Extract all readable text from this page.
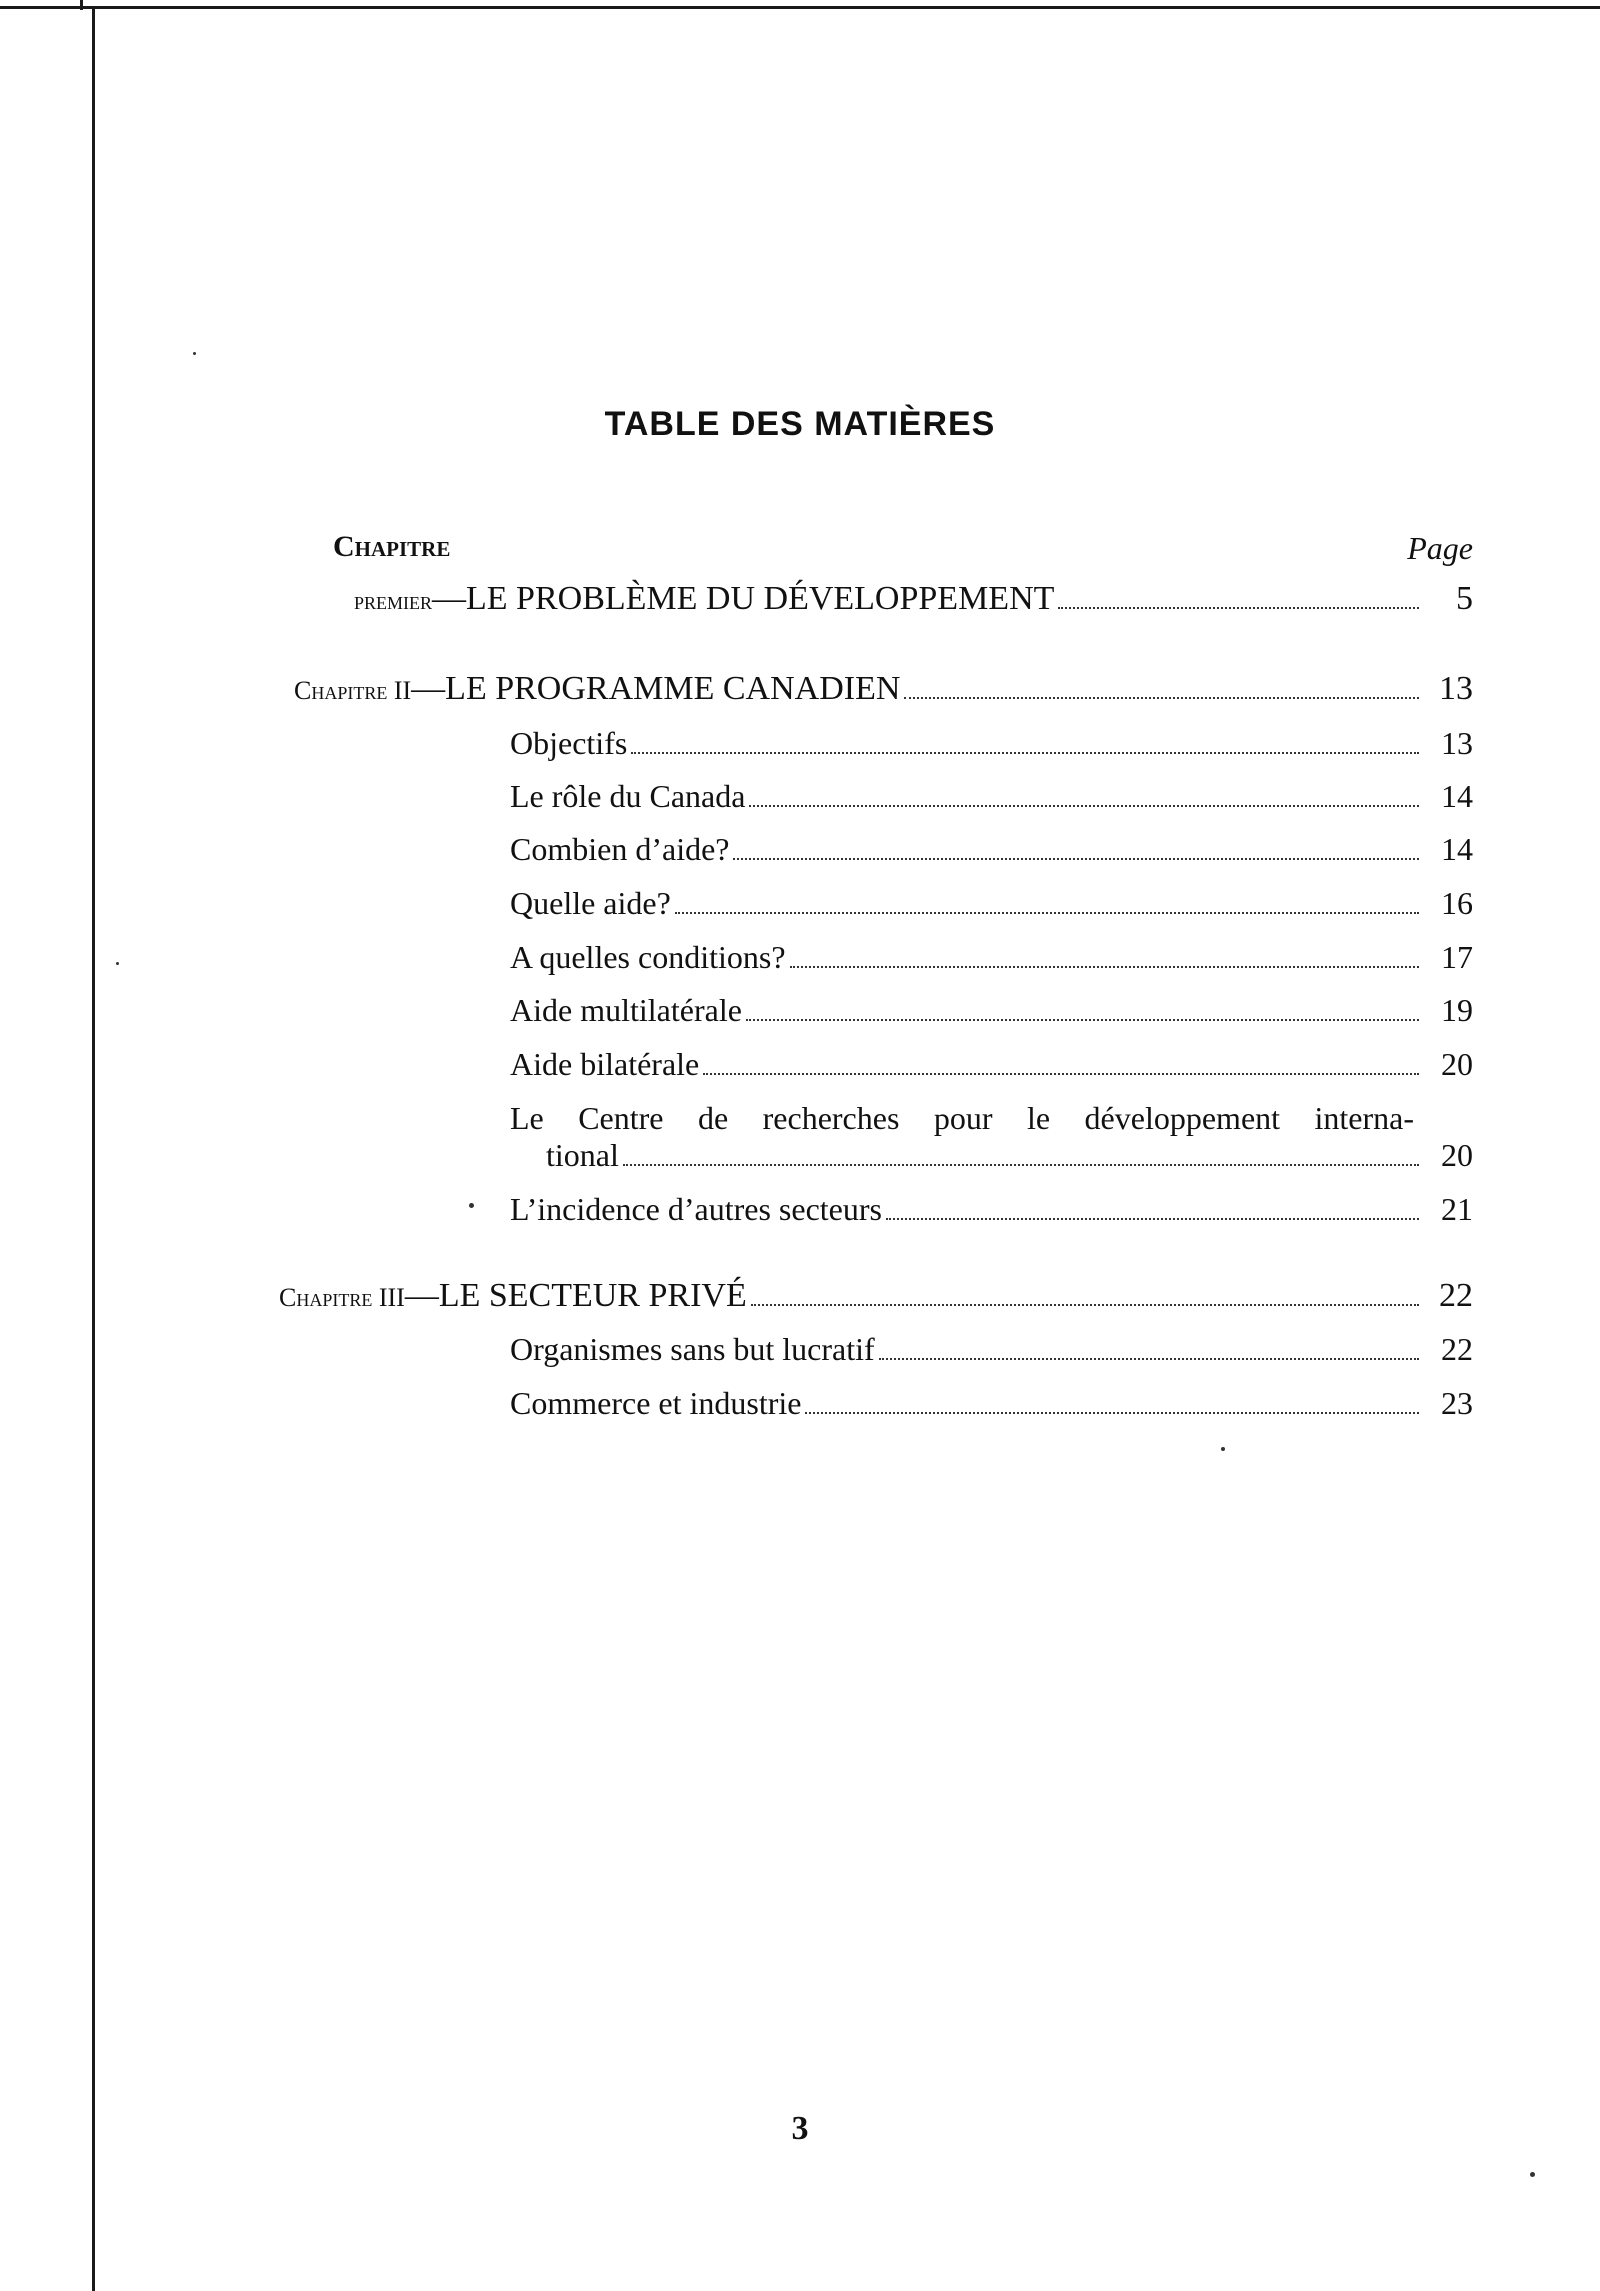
TABLE DES MATIÈRES
Chapitre	Page
premier—LE PROBLÈME DU DÉVELOPPEMENT	5
Chapitre II—LE PROGRAMME CANADIEN	13
Objectifs	13
Le rôle du Canada	14
Combien d’aide?	14
Quelle aide?	16
A quelles conditions?	17
Aide multilatérale	19
Aide bilatérale	20
Le Centre de recherches pour le développement interna-
tional	20
L’incidence d’autres secteurs	21
Chapitre III—LE SECTEUR PRIVÉ	22
Organismes sans but lucratif	22
Commerce et industrie	23
3
